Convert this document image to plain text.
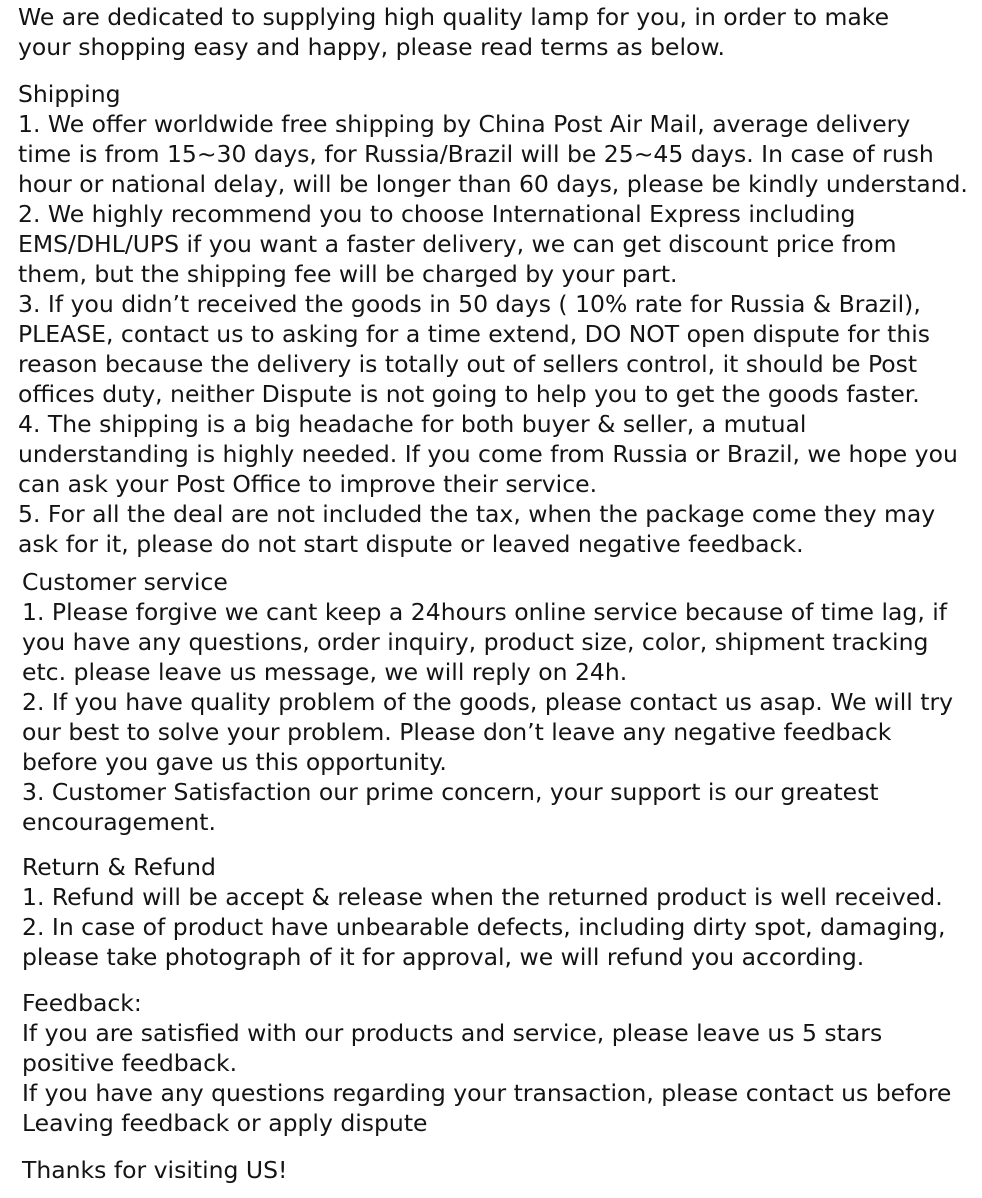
We are dedicated to supplying high quality lamp for you, in order to make your shopping easy and happy, please read terms as below.

Shipping

1. We offer worldwide free shipping by China Post Air Mail, average delivery time is from 15~30 days, for Russia/Brazil will be 25~45 days. In case of rush hour or national delay, will be longer than 60 days, please be kindly understand.

2. We highly recommend you to choose International Express including EMS/DHL/UPS if you want a faster delivery, we can get discount price from them, but the shipping fee will be charged by your part.

3. If you didn’t received the goods in 50 days ( 10% rate for Russia & Brazil), PLEASE, contact us to asking for a time extend, DO NOT open dispute for this reason because the delivery is totally out of sellers control, it should be Post offices duty, neither Dispute is not going to help you to get the goods faster.

4. The shipping is a big headache for both buyer & seller, a mutual understanding is highly needed. If you come from Russia or Brazil, we hope you can ask your Post Office to improve their service.

5. For all the deal are not included the tax, when the package come they may ask for it, please do not start dispute or leaved negative feedback.

Customer service

1. Please forgive we cant keep a 24hours online service because of time lag, if you have any questions, order inquiry, product size, color, shipment tracking etc. please leave us message, we will reply on 24h.

2. If you have quality problem of the goods, please contact us asap. We will try our best to solve your problem. Please don’t leave any negative feedback before you gave us this opportunity.

3. Customer Satisfaction our prime concern, your support is our greatest encouragement.

Return & Refund

1. Refund will be accept & release when the returned product is well received.

2. In case of product have unbearable defects, including dirty spot, damaging, please take photograph of it for approval, we will refund you according.

Feedback:

If you are satisfied with our products and service, please leave us 5 stars positive feedback.

If you have any questions regarding your transaction, please contact us before Leaving feedback or apply dispute

Thanks for visiting US!
